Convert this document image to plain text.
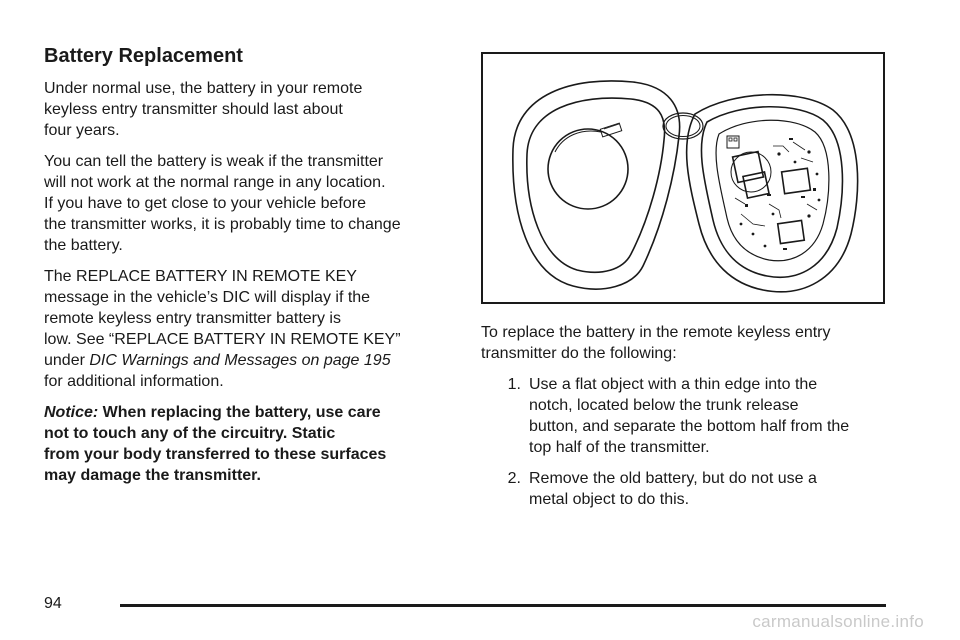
Battery Replacement

Under normal use, the battery in your remote
keyless entry transmitter should last about
four years.

You can tell the battery is weak if the transmitter
will not work at the normal range in any location.
If you have to get close to your vehicle before
the transmitter works, it is probably time to change
the battery.

The REPLACE BATTERY IN REMOTE KEY
message in the vehicle’s DIC will display if the
remote keyless entry transmitter battery is
low. See “REPLACE BATTERY IN REMOTE KEY”
under DIC Warnings and Messages on page 195
for additional information.

Notice: When replacing the battery, use care
not to touch any of the circuitry. Static
from your body transferred to these surfaces
may damage the transmitter.

To replace the battery in the remote keyless entry
transmitter do the following:

1. Use a flat object with a thin edge into the
notch, located below the trunk release
button, and separate the bottom half from the
top half of the transmitter.
2. Remove the old battery, but do not use a
metal object to do this.
94
carmanualsonline.info
